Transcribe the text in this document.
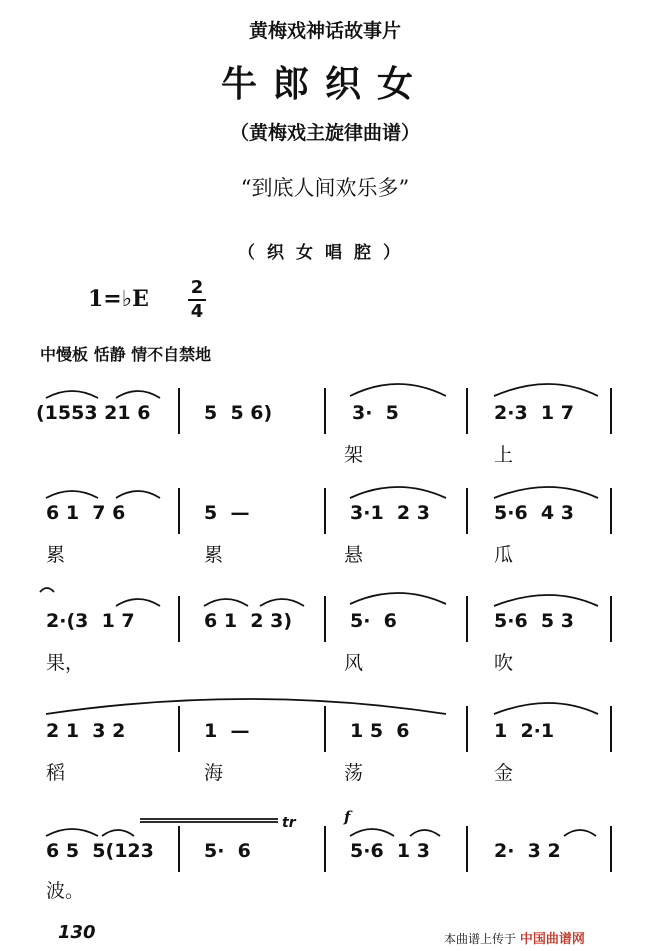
黄梅戏神话故事片
牛郎织女
（黄梅戏主旋律曲谱）
“到底人间欢乐多”
（织女唱腔）
1=♭E 2
4
中慢板 恬静 情不自禁地
(1553 21 6	5  5 6)	3·  5	2·3  1 7
架	上
6 1  7 6	5  —	3·1  2 3	5·6  4 3
累	累	悬	瓜
2·(3  1 7	6 1  2 3)	5·  6	5·6  5 3
果，	风	吹
2 1  3 2	1  —	1 5  6	1  2·1
稻	海	荡	金
6 5  5(123	5·  6	5·6  1 3	2·  3 2
波。
tr	f
130	本曲谱上传于 中国曲谱网
